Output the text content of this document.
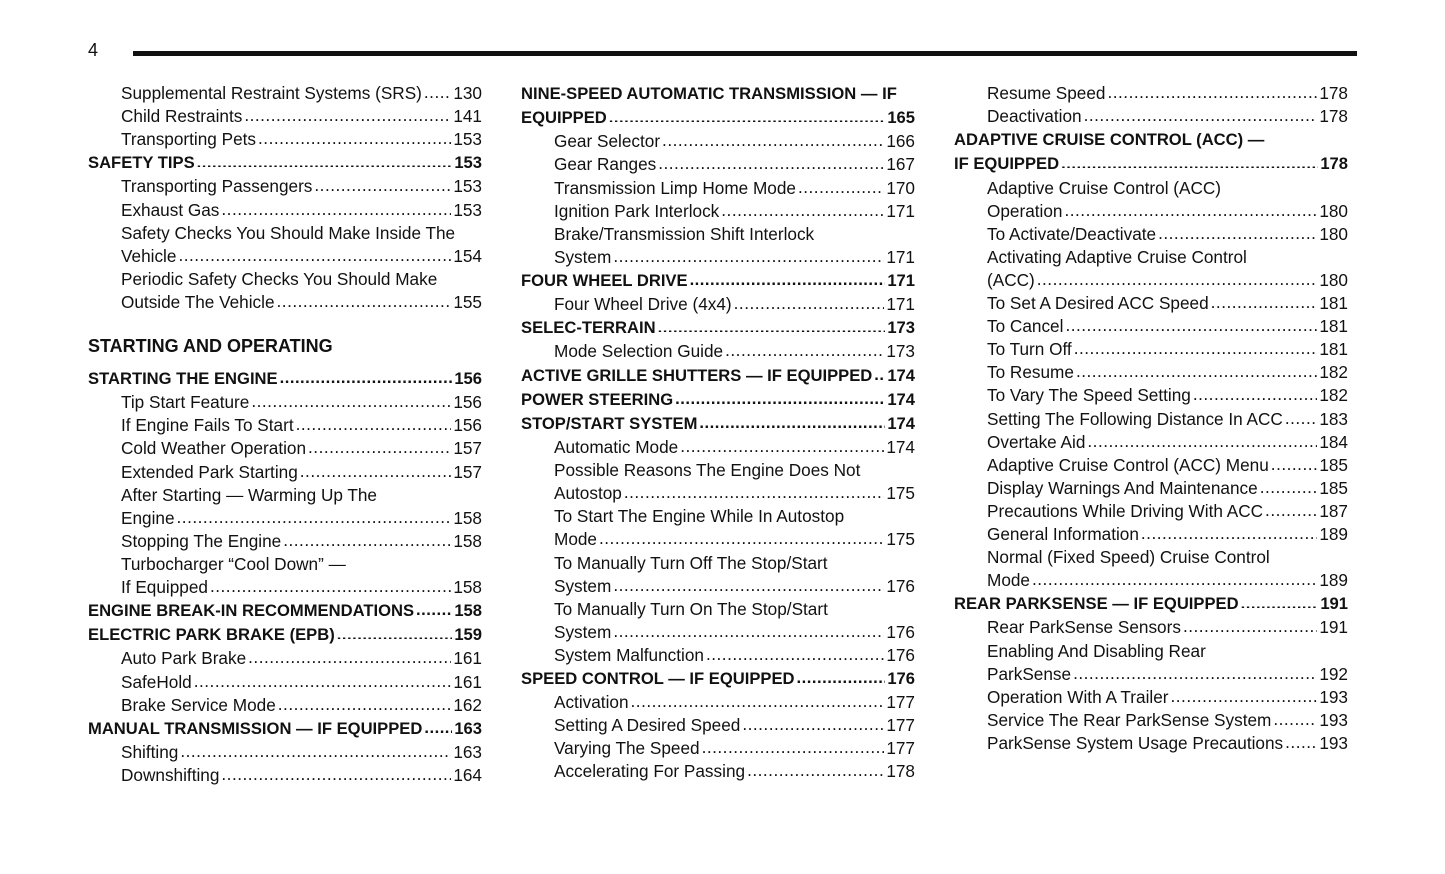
4
Supplemental Restraint Systems (SRS) ..... 130
Child Restraints .....	141
Transporting Pets .....	153
SAFETY TIPS .....	153
Transporting Passengers .....	153
Exhaust Gas .....	153
Safety Checks You Should Make Inside The
Vehicle .....	154
Periodic Safety Checks You Should Make
Outside The Vehicle .....	155
STARTING AND OPERATING
STARTING THE ENGINE .....	156
Tip Start Feature .....	156
If Engine Fails To Start .....	156
Cold Weather Operation .....	157
Extended Park Starting .....	157
After Starting — Warming Up The
Engine .....	158
Stopping The Engine .....	158
Turbocharger “Cool Down” —
If Equipped .....	158
ENGINE BREAK-IN RECOMMENDATIONS ..... 158
ELECTRIC PARK BRAKE (EPB) .....	159
Auto Park Brake .....	161
SafeHold .....	161
Brake Service Mode .....	162
MANUAL TRANSMISSION — IF EQUIPPED ..... 163
Shifting .....	163
Downshifting .....	164
NINE-SPEED AUTOMATIC TRANSMISSION — IF
EQUIPPED .....	165
Gear Selector .....	166
Gear Ranges .....	167
Transmission Limp Home Mode .....	170
Ignition Park Interlock .....	171
Brake/Transmission Shift Interlock
System .....	171
FOUR WHEEL DRIVE .....	171
Four Wheel Drive (4x4) .....	171
SELEC-TERRAIN .....	173
Mode Selection Guide .....	173
ACTIVE GRILLE SHUTTERS — IF EQUIPPED ..... 174
POWER STEERING .....	174
STOP/START SYSTEM .....	174
Automatic Mode .....	174
Possible Reasons The Engine Does Not
Autostop .....	175
To Start The Engine While In Autostop
Mode .....	175
To Manually Turn Off The Stop/Start
System .....	176
To Manually Turn On The Stop/Start
System .....	176
System Malfunction .....	176
SPEED CONTROL — IF EQUIPPED .....	176
Activation .....	177
Setting A Desired Speed .....	177
Varying The Speed .....	177
Accelerating For Passing .....	178
Resume Speed .....	178
Deactivation .....	178
ADAPTIVE CRUISE CONTROL (ACC) —
IF EQUIPPED .....	178
Adaptive Cruise Control (ACC)
Operation .....	180
To Activate/Deactivate .....	180
Activating Adaptive Cruise Control
(ACC) .....	180
To Set A Desired ACC Speed .....	181
To Cancel .....	181
To Turn Off .....	181
To Resume .....	182
To Vary The Speed Setting .....	182
Setting The Following Distance In ACC ..... 183
Overtake Aid .....	184
Adaptive Cruise Control (ACC) Menu .....	185
Display Warnings And Maintenance .....	185
Precautions While Driving With ACC .....	187
General Information .....	189
Normal (Fixed Speed) Cruise Control
Mode .....	189
REAR PARKSENSE — IF EQUIPPED .....	191
Rear ParkSense Sensors .....	191
Enabling And Disabling Rear
ParkSense .....	192
Operation With A Trailer .....	193
Service The Rear ParkSense System .....	193
ParkSense System Usage Precautions ..... 193
